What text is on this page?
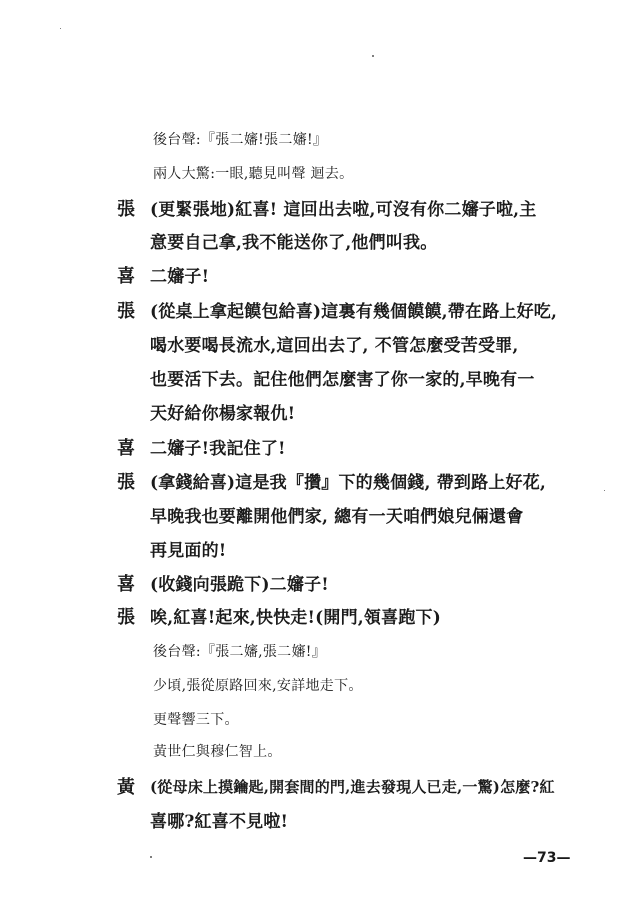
後台聲:『張二嬸!張二嬸!』
兩人大驚:一眼,聽見叫聲 迴去。
張 (更緊張地)紅喜! 這回出去啦,可沒有你二嬸子啦,主
意要自己拿,我不能送你了,他們叫我。
喜 二嬸子!
張 (從桌上拿起饃包給喜)這裏有幾個饃饃,帶在路上好吃,
喝水要喝長流水,這回出去了, 不管怎麼受苦受罪,
也要活下去。記住他們怎麼害了你一家的,早晚有一
天好給你楊家報仇!
喜 二嬸子!我記住了!
張 (拿錢給喜)這是我『攢』下的幾個錢, 帶到路上好花,
早晚我也要離開他們家, 總有一天咱們娘兒倆還會
再見面的!
喜 (收錢向張跪下)二嬸子!
張 唉,紅喜!起來,快快走!(開門,領喜跑下)
後台聲:『張二嬸,張二嬸!』
少頃,張從原路回來,安詳地走下。
更聲響三下。
黃世仁與穆仁智上。
黃 (從母床上摸鑰匙,開套間的門,進去發現人已走,一驚)怎麼?紅
喜哪?紅喜不見啦!
—73—
